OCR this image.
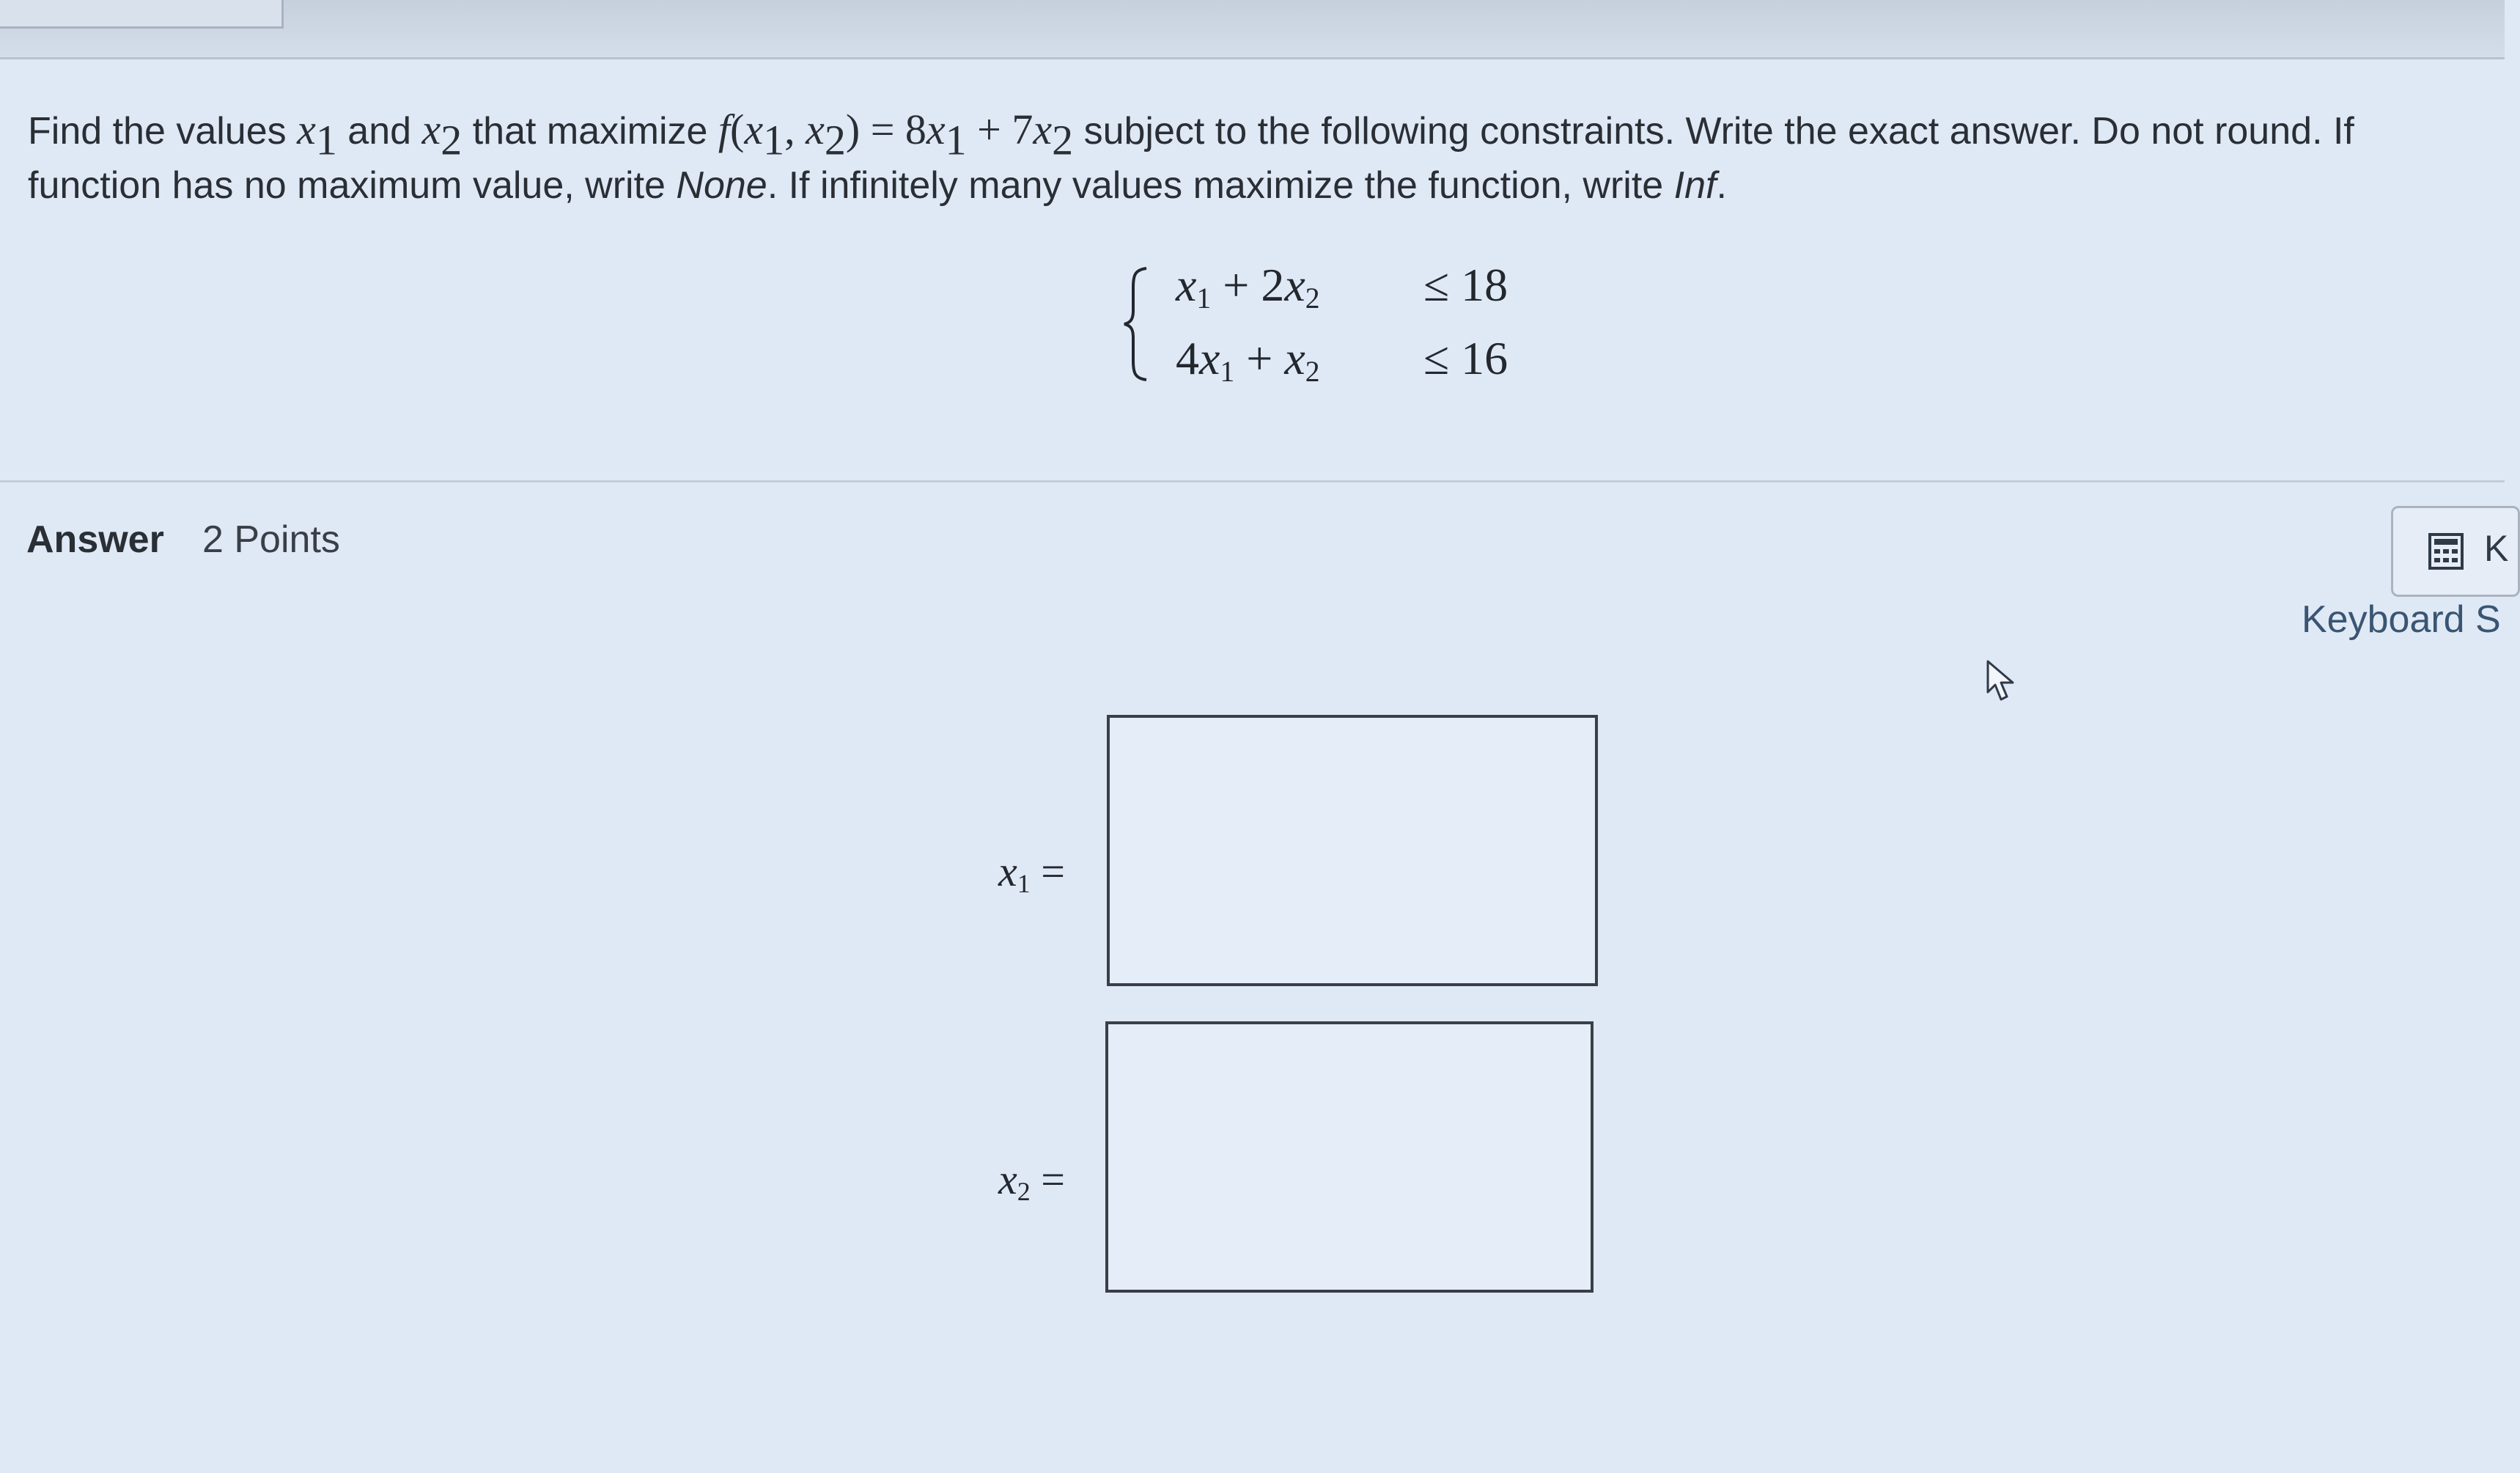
Find the values $x_1$ and $x_2$ that maximize $f(x_1$, $x_2) = 8x_1 + 7x_2$ subject to the following constraints. Write the exact answer. Do not round. If
function has no maximum value, write None. If infinitely many values maximize the function, write Inf.
$x_1 + 2x_2 \le 18$
$4x_1 + x_2 \le 16$
Answer 2 Points	K
Keyboard S
$x_1$ =
$x_2$ =
